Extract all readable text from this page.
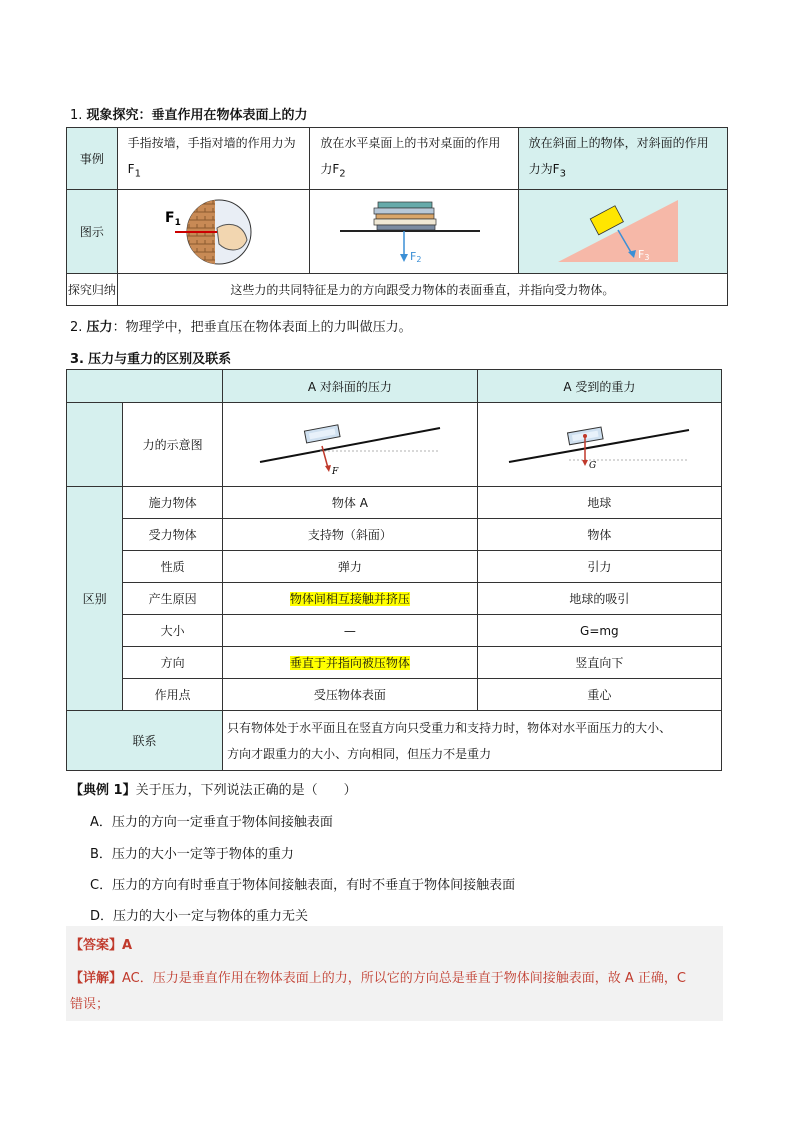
1. 现象探究：垂直作用在物体表面上的力
事例	手指按墙，手指对墙的作用力为$F_1$	放在水平桌面上的书对桌面的作用力$F_2$	放在斜面上的物体，对斜面的作用力为$F_3$

图示	$F_1$	F2	F3

探究归纳	这些力的共同特征是力的方向跟受力物体的表面垂直，并指向受力物体。		
2. 压力：物理学中，把垂直压在物体表面上的力叫做压力。
3. 压力与重力的区别及联系
		A 对斜面的压力	A 受到的重力

	力的示意图	F	G

区别	施力物体	物体 A	地球
	受力物体	支持物（斜面）	物体
	性质	弹力	引力
	产生原因	物体间相互接触并挤压	地球的吸引
	大小	—	G=mg
	方向	垂直于并指向被压物体	竖直向下
	作用点	受压物体表面	重心
联系		只有物体处于水平面且在竖直方向只受重力和支持力时，物体对水平面压力的大小、
方向才跟重力的大小、方向相同，但压力不是重力	
【典例 1】关于压力，下列说法正确的是（　　）
A．压力的方向一定垂直于物体间接触表面
B．压力的大小一定等于物体的重力
C．压力的方向有时垂直于物体间接触表面，有时不垂直于物体间接触表面
D．压力的大小一定与物体的重力无关
【答案】A
【详解】AC．压力是垂直作用在物体表面上的力，所以它的方向总是垂直于物体间接触表面，故 A 正确，C
错误；
